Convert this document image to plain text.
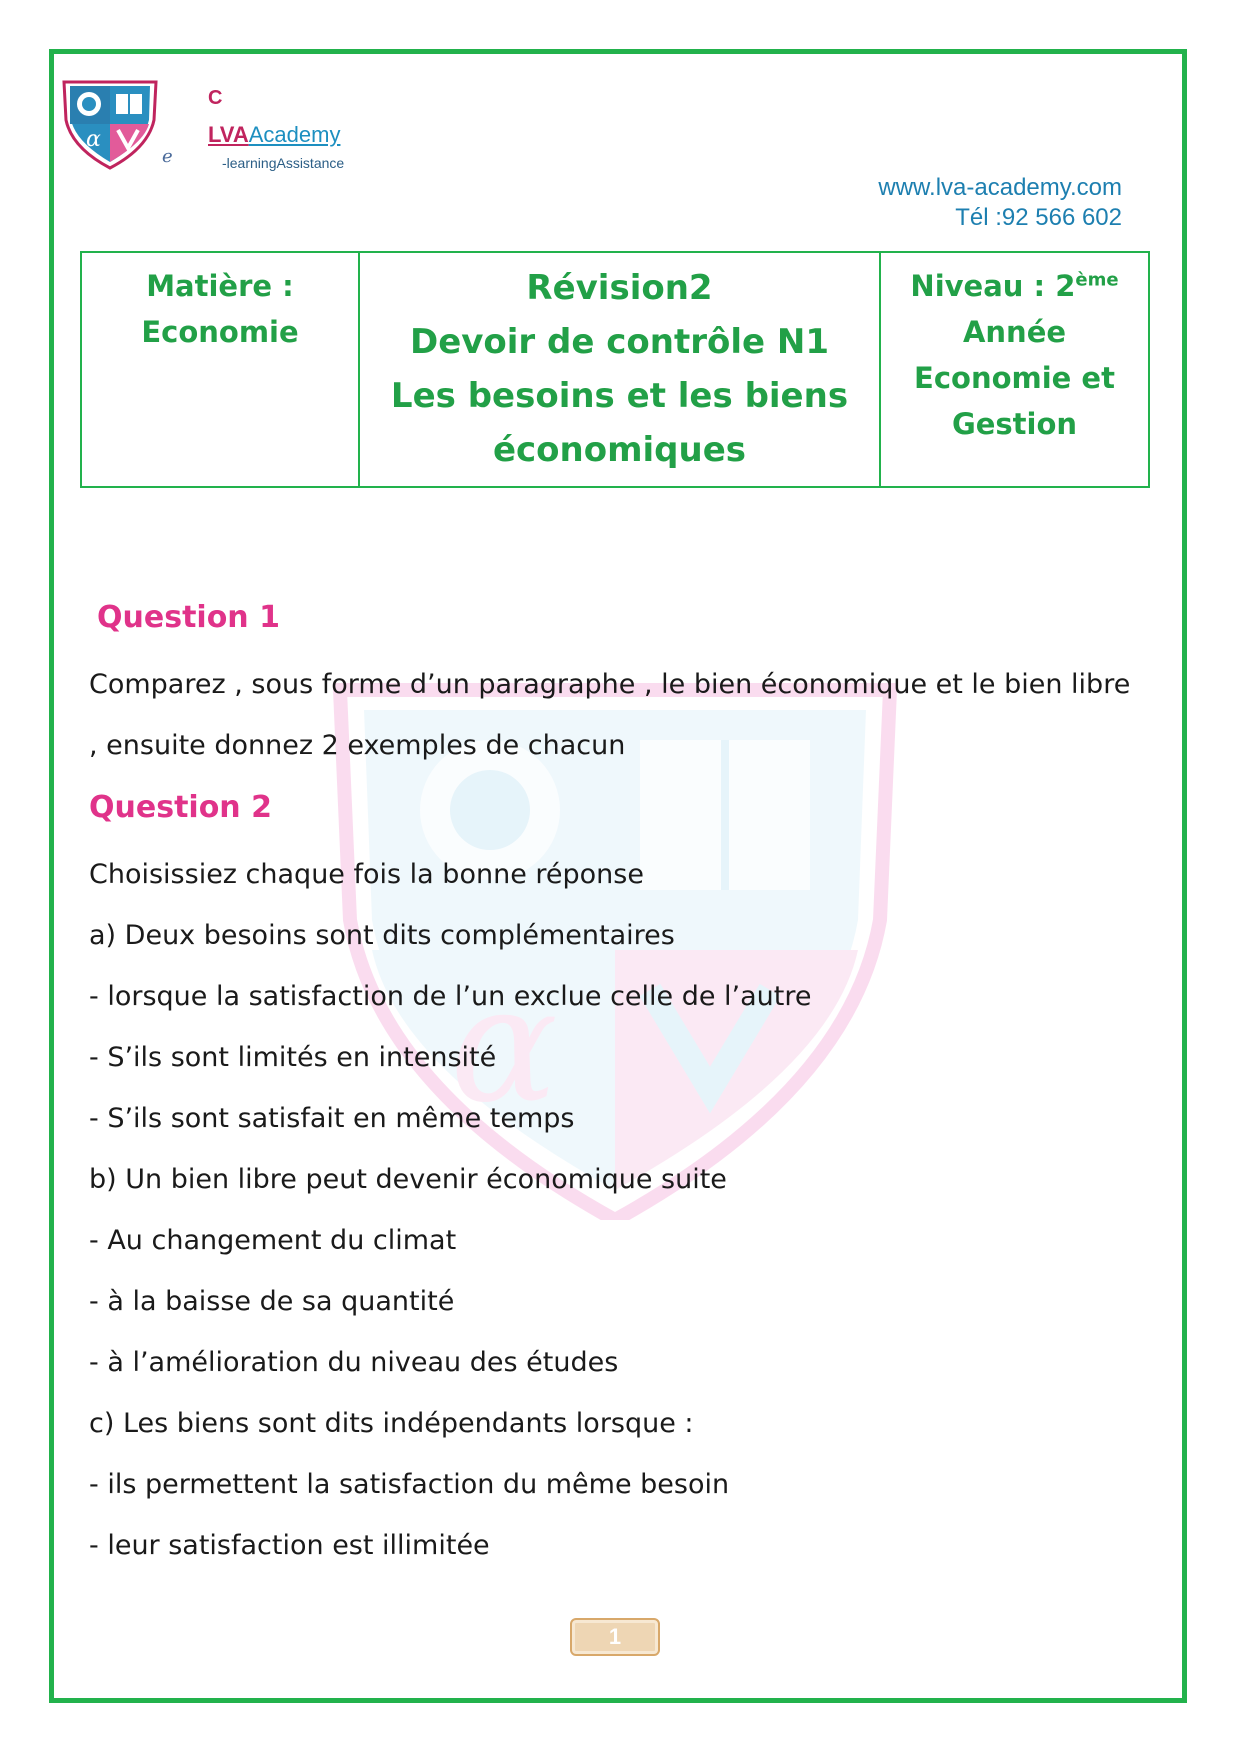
α
e
C
LVAAcademy
-learningAssistance
www.lva-academy.com
Tél :92 566 602
Matière :
Economie
Révision2
Devoir de contrôle N1
Les besoins et les biens
économiques
Niveau : 2ème
Année
Economie et
Gestion
α
Question 1
Comparez , sous forme d’un paragraphe , le bien économique et le bien libre
, ensuite donnez 2 exemples de chacun
Question 2
Choisissiez chaque fois la bonne réponse
a) Deux besoins sont dits complémentaires
- lorsque la satisfaction de l’un exclue celle de l’autre
- S’ils sont limités en intensité
- S’ils sont satisfait en même temps
b) Un bien libre peut devenir économique suite
- Au changement du climat
- à la baisse de sa quantité
- à l’amélioration du niveau des études
c) Les biens sont dits indépendants lorsque :
- ils permettent la satisfaction du même besoin
- leur satisfaction est illimitée
1
